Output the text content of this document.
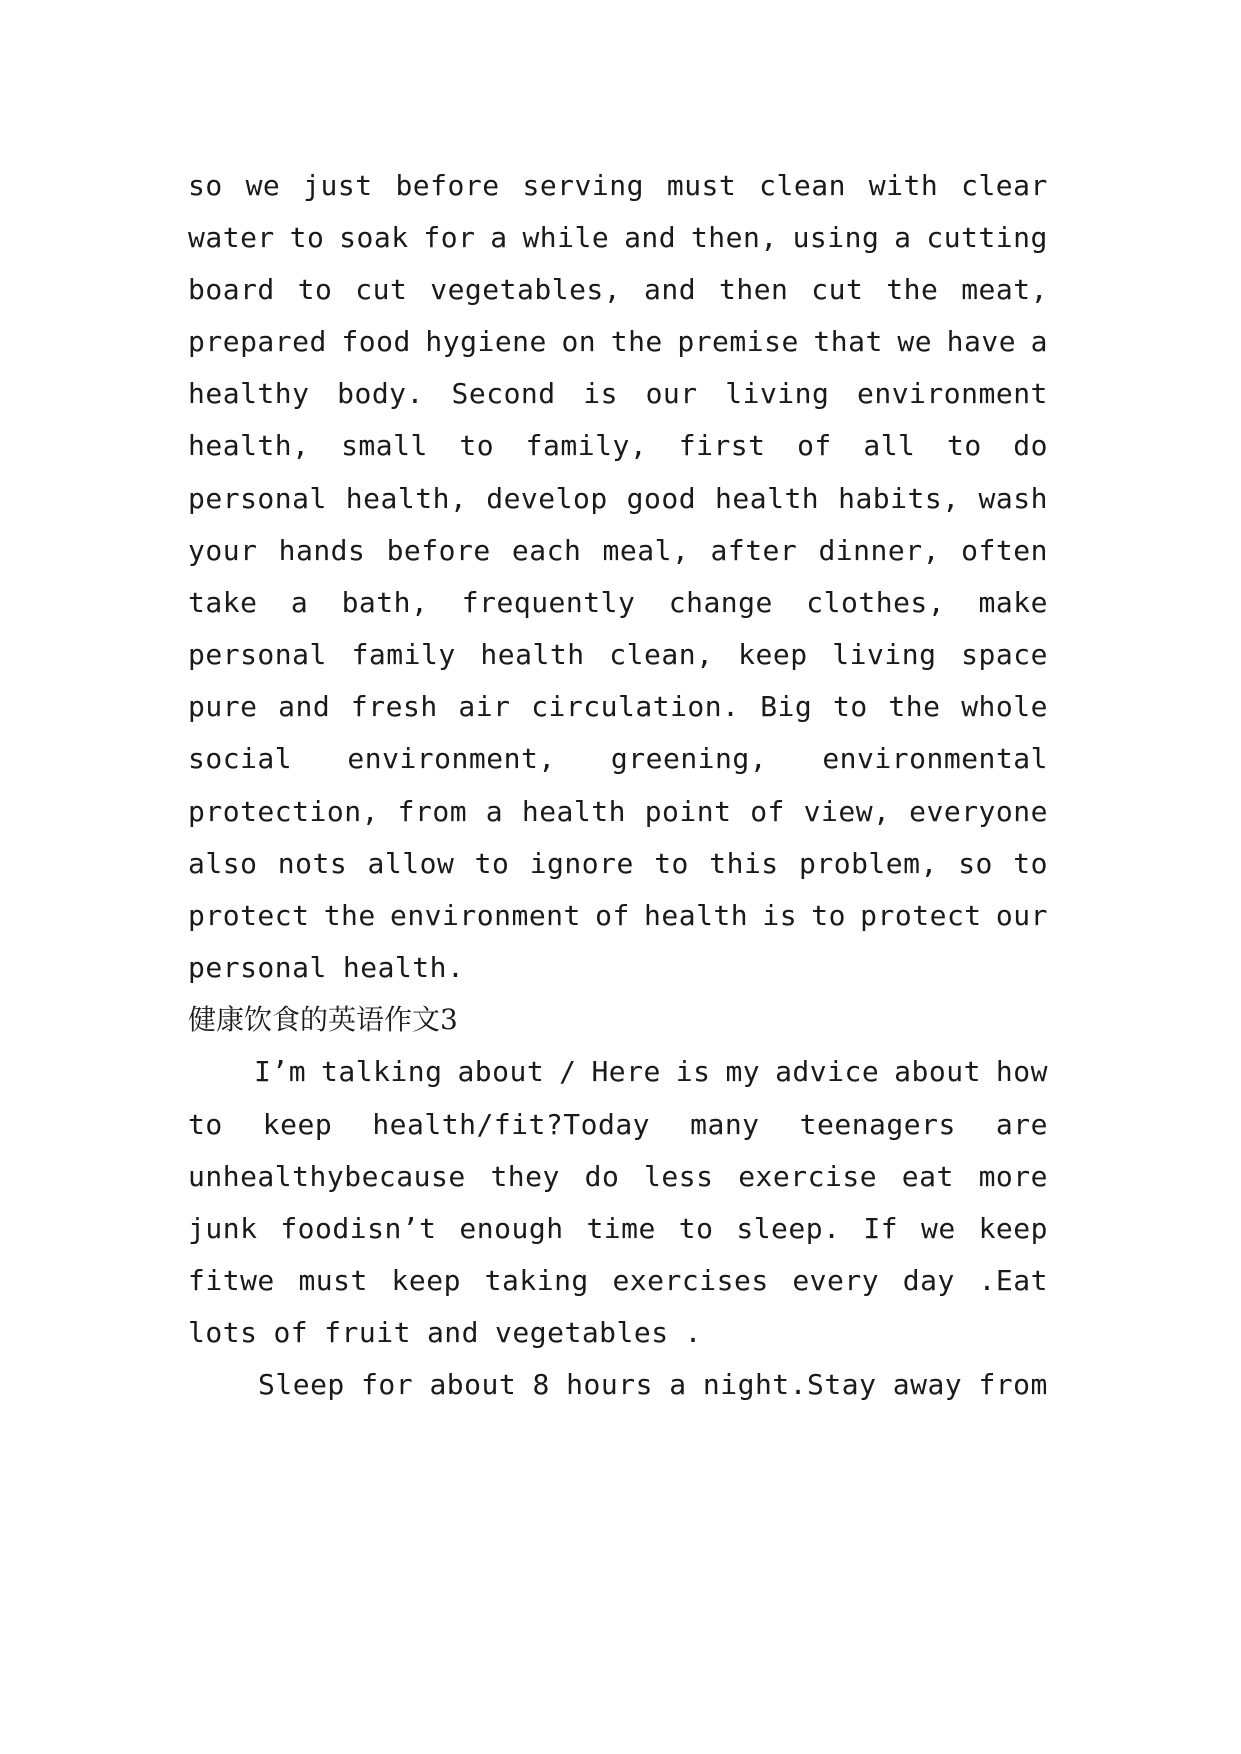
so we just before serving must clean with clear
water to soak for a while and then, using a cutting
board to cut vegetables, and then cut the meat,
prepared food hygiene on the premise that we have a
healthy body. Second is our living environment
health, small to family, first of all to do
personal health, develop good health habits, wash
your hands before each meal, after dinner, often
take a bath, frequently change clothes, make
personal family health clean, keep living space
pure and fresh air circulation. Big to the whole
social environment, greening, environmental
protection, from a health point of view, everyone
also nots allow to ignore to this problem, so to
protect the environment of health is to protect our
personal health.
健康饮食的英语作文3
I’m talking about / Here is my advice about how
to keep health/fit?Today many teenagers are
unhealthybecause they do less exercise eat more
junk foodisn’t enough time to sleep. If we keep
fitwe must keep taking exercises every day .Eat
lots of fruit and vegetables .
Sleep for about 8 hours a night.Stay away from
